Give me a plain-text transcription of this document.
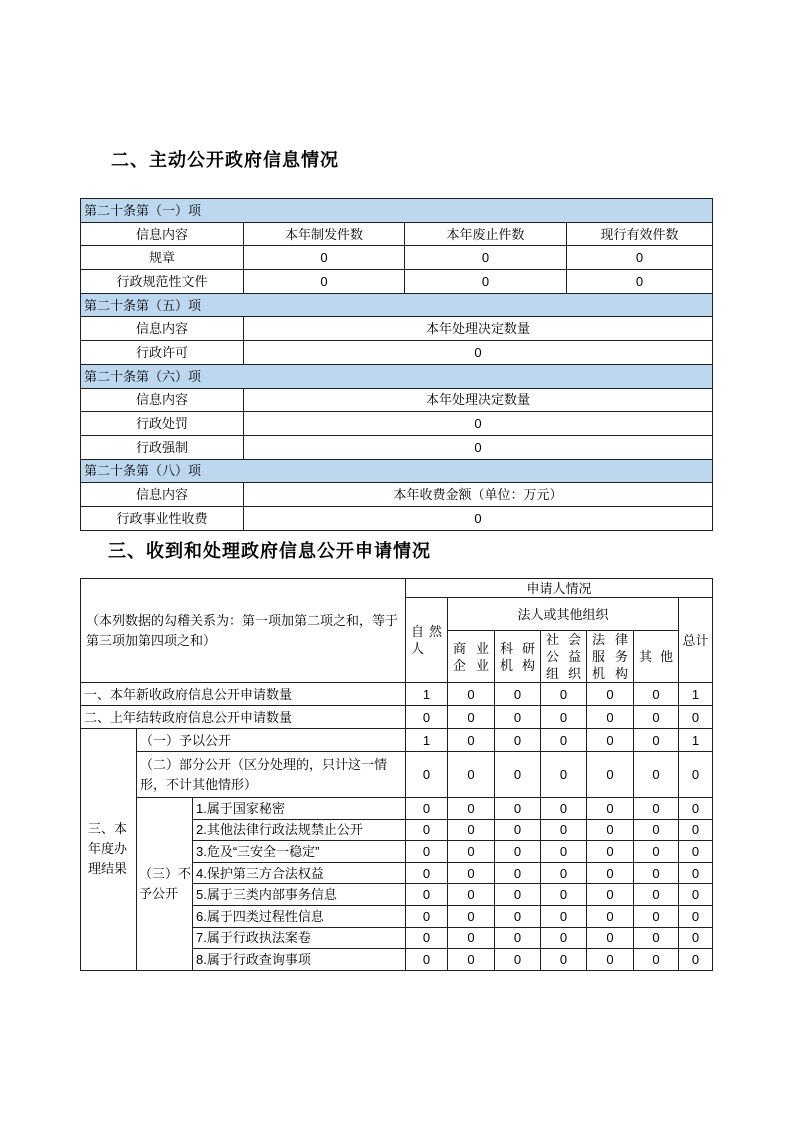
二、主动公开政府信息情况
第二十条第（一）项			
信息内容	本年制发件数	本年废止件数	现行有效件数
规章	0	0	0
行政规范性文件	0	0	0
第二十条第（五）项			
信息内容	本年处理决定数量		
行政许可	0		
第二十条第（六）项			
信息内容	本年处理决定数量		
行政处罚	0		
行政强制	0		
第二十条第（八）项			
信息内容	本年收费金额（单位：万元）		
行政事业性收费	0		
三、收到和处理政府信息公开申请情况
（本列数据的勾稽关系为：第一项加第二项之和，等于第三项加第四项之和）			申请人情况						
			自然人	法人或其他组织					总计
				商业企业	科研机构	社会公益组织	法律服务机构	其他	
一、本年新收政府信息公开申请数量			1	0	0	0	0	0	1
二、上年结转政府信息公开申请数量			0	0	0	0	0	0	0
三、本年度办理结果	（一）予以公开		1	0	0	0	0	0	1
	（二）部分公开（区分处理的，只计这一情形，不计其他情形）		0	0	0	0	0	0	0
	（三）不予公开	1.属于国家秘密	0	0	0	0	0	0	0
		2.其他法律行政法规禁止公开	0	0	0	0	0	0	0
		3.危及“三安全一稳定”	0	0	0	0	0	0	0
		4.保护第三方合法权益	0	0	0	0	0	0	0
		5.属于三类内部事务信息	0	0	0	0	0	0	0
		6.属于四类过程性信息	0	0	0	0	0	0	0
		7.属于行政执法案卷	0	0	0	0	0	0	0
		8.属于行政查询事项	0	0	0	0	0	0	0
